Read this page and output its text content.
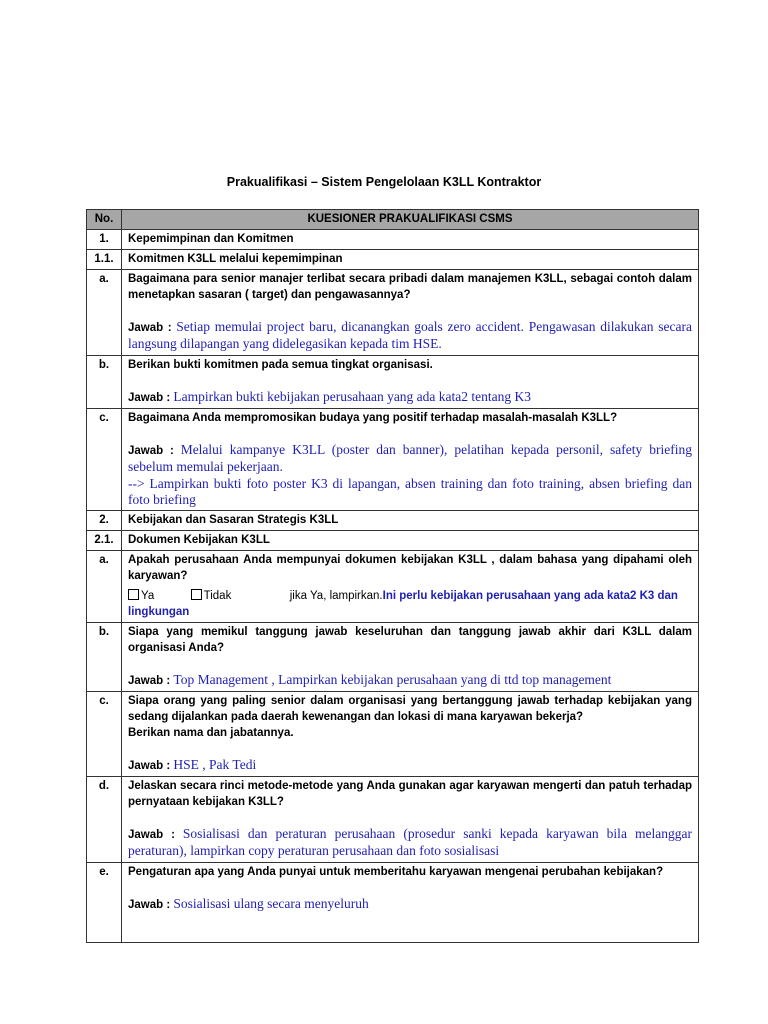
Prakualifikasi – Sistem Pengelolaan K3LL Kontraktor
No.	KUESIONER PRAKUALIFIKASI CSMS
1.	Kepemimpinan dan Komitmen
1.1.	Komitmen K3LL melalui kepemimpinan
a.	Bagaimana para senior manajer terlibat secara pribadi dalam manajemen K3LL, sebagai contoh dalam menetapkan sasaran ( target) dan pengawasannya?

Jawab : Setiap memulai project baru, dicanangkan goals zero accident. Pengawasan dilakukan secara langsung dilapangan yang didelegasikan kepada tim HSE.

b.	Berikan bukti komitmen pada semua tingkat organisasi.

Jawab : Lampirkan bukti kebijakan perusahaan yang ada kata2 tentang K3

c.	Bagaimana Anda mempromosikan budaya yang positif terhadap masalah-masalah K3LL?

Jawab : Melalui kampanye K3LL (poster dan banner), pelatihan kepada personil, safety briefing sebelum memulai pekerjaan.

--> Lampirkan bukti foto poster K3 di lapangan, absen training dan foto training, absen briefing dan foto briefing

2.	Kebijakan dan Sasaran Strategis K3LL
2.1.	Dokumen Kebijakan K3LL
a.	Apakah perusahaan Anda mempunyai dokumen kebijakan K3LL , dalam bahasa yang dipahami oleh karyawan?

Ya Tidak jika Ya, lampirkan.Ini perlu kebijakan perusahaan yang ada kata2 K3 dan lingkungan

b.	Siapa yang memikul tanggung jawab keseluruhan dan tanggung jawab akhir dari K3LL dalam organisasi Anda?

Jawab : Top Management , Lampirkan kebijakan perusahaan yang di ttd top management

c.	Siapa orang yang paling senior dalam organisasi yang bertanggung jawab terhadap kebijakan yang sedang dijalankan pada daerah kewenangan dan lokasi di mana karyawan bekerja?

Berikan nama dan jabatannya.

Jawab : HSE , Pak Tedi

d.	Jelaskan secara rinci metode-metode yang Anda gunakan agar karyawan mengerti dan patuh terhadap pernyataan kebijakan K3LL?

Jawab : Sosialisasi dan peraturan perusahaan (prosedur sanki kepada karyawan bila melanggar peraturan), lampirkan copy peraturan perusahaan dan foto sosialisasi

e.	Pengaturan apa yang Anda punyai untuk memberitahu karyawan mengenai perubahan kebijakan?

Jawab : Sosialisasi ulang secara menyeluruh
